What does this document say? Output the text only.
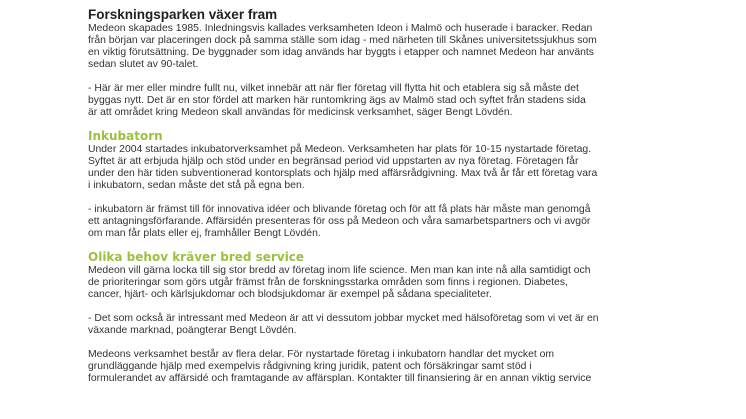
Forskningsparken växer fram

Medeon skapades 1985. Inledningsvis kallades verksamheten Ideon i Malmö och huserade i baracker. Redan
från början var placeringen dock på samma ställe som idag - med närheten till Skånes universitetssjukhus som
en viktig förutsättning. De byggnader som idag används har byggts i etapper och namnet Medeon har använts
sedan slutet av 90-talet.

- Här är mer eller mindre fullt nu, vilket innebär att när fler företag vill flytta hit och etablera sig så måste det
byggas nytt. Det är en stor fördel att marken här runtomkring ägs av Malmö stad och syftet från stadens sida
är att området kring Medeon skall användas för medicinsk verksamhet, säger Bengt Lövdén.

Inkubatorn

Under 2004 startades inkubatorverksamhet på Medeon. Verksamheten har plats för 10-15 nystartade företag.
Syftet är att erbjuda hjälp och stöd under en begränsad period vid uppstarten av nya företag. Företagen får
under den här tiden subventionerad kontorsplats och hjälp med affärsrådgivning. Max två år får ett företag vara
i inkubatorn, sedan måste det stå på egna ben.

- inkubatorn är främst till för innovativa idéer och blivande företag och för att få plats här måste man genomgå
ett antagningsförfarande. Affärsidén presenteras för oss på Medeon och våra samarbetspartners och vi avgör
om man får plats eller ej, framhåller Bengt Lövdén.

Olika behov kräver bred service

Medeon vill gärna locka till sig stor bredd av företag inom life science. Men man kan inte nå alla samtidigt och
de prioriteringar som görs utgår främst från de forskningsstarka områden som finns i regionen. Diabetes,
cancer, hjärt- och kärlsjukdomar och blodsjukdomar är exempel på sådana specialiteter.

- Det som också är intressant med Medeon är att vi dessutom jobbar mycket med hälsoföretag som vi vet är en
växande marknad, poängterar Bengt Lövdén.

Medeons verksamhet består av flera delar. För nystartade företag i inkubatorn handlar det mycket om
grundläggande hjälp med exempelvis rådgivning kring juridik, patent och försäkringar samt stöd i
formulerandet av affärsidé och framtagande av affärsplan. Kontakter till finansiering är en annan viktig service
